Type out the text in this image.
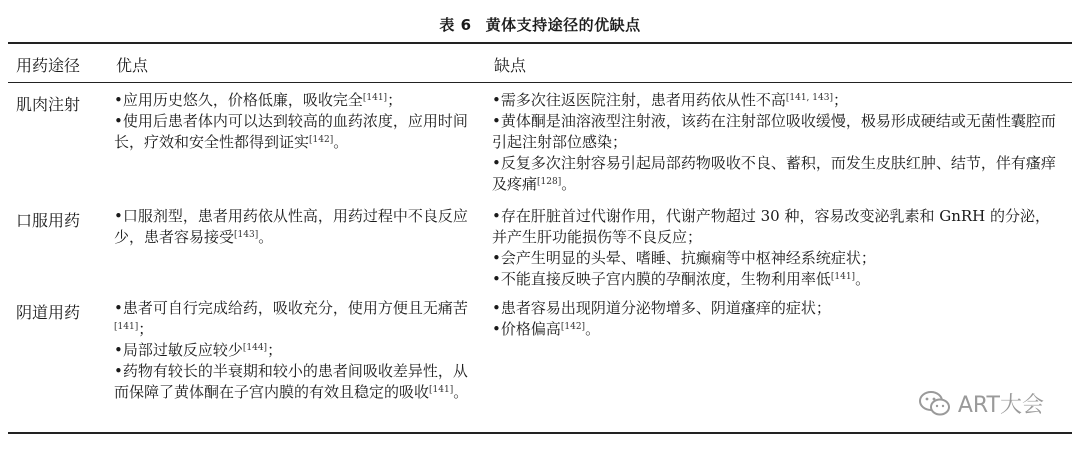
表 6 黄体支持途径的优缺点
用药途径 优点	缺点
肌肉注射 •应用历史悠久，价格低廉，吸收完全[141]；
•使用后患者体内可以达到较高的血药浓度，应用时间长，疗效和安全性都得到证实[142]。
•需多次往返医院注射，患者用药依从性不高[141, 143]；
•黄体酮是油溶液型注射液，该药在注射部位吸收缓慢，极易形成硬结或无菌性囊腔而引起注射部位感染；
•反复多次注射容易引起局部药物吸收不良、蓄积，而发生皮肤红肿、结节，伴有瘙痒及疼痛[128]。
口服用药 •口服剂型，患者用药依从性高，用药过程中不良反应少，患者容易接受[143]。
•存在肝脏首过代谢作用，代谢产物超过 30 种，容易改变泌乳素和 GnRH 的分泌，并产生肝功能损伤等不良反应；
•会产生明显的头晕、嗜睡、抗癫痫等中枢神经系统症状；
•不能直接反映子宫内膜的孕酮浓度，生物利用率低[141]。
阴道用药 •患者可自行完成给药，吸收充分，使用方便且无痛苦[141]；
•局部过敏反应较少[144]；
•药物有较长的半衰期和较小的患者间吸收差异性，从而保障了黄体酮在子宫内膜的有效且稳定的吸收[141]。
•患者容易出现阴道分泌物增多、阴道瘙痒的症状；
•价格偏高[142]。
ART大会
